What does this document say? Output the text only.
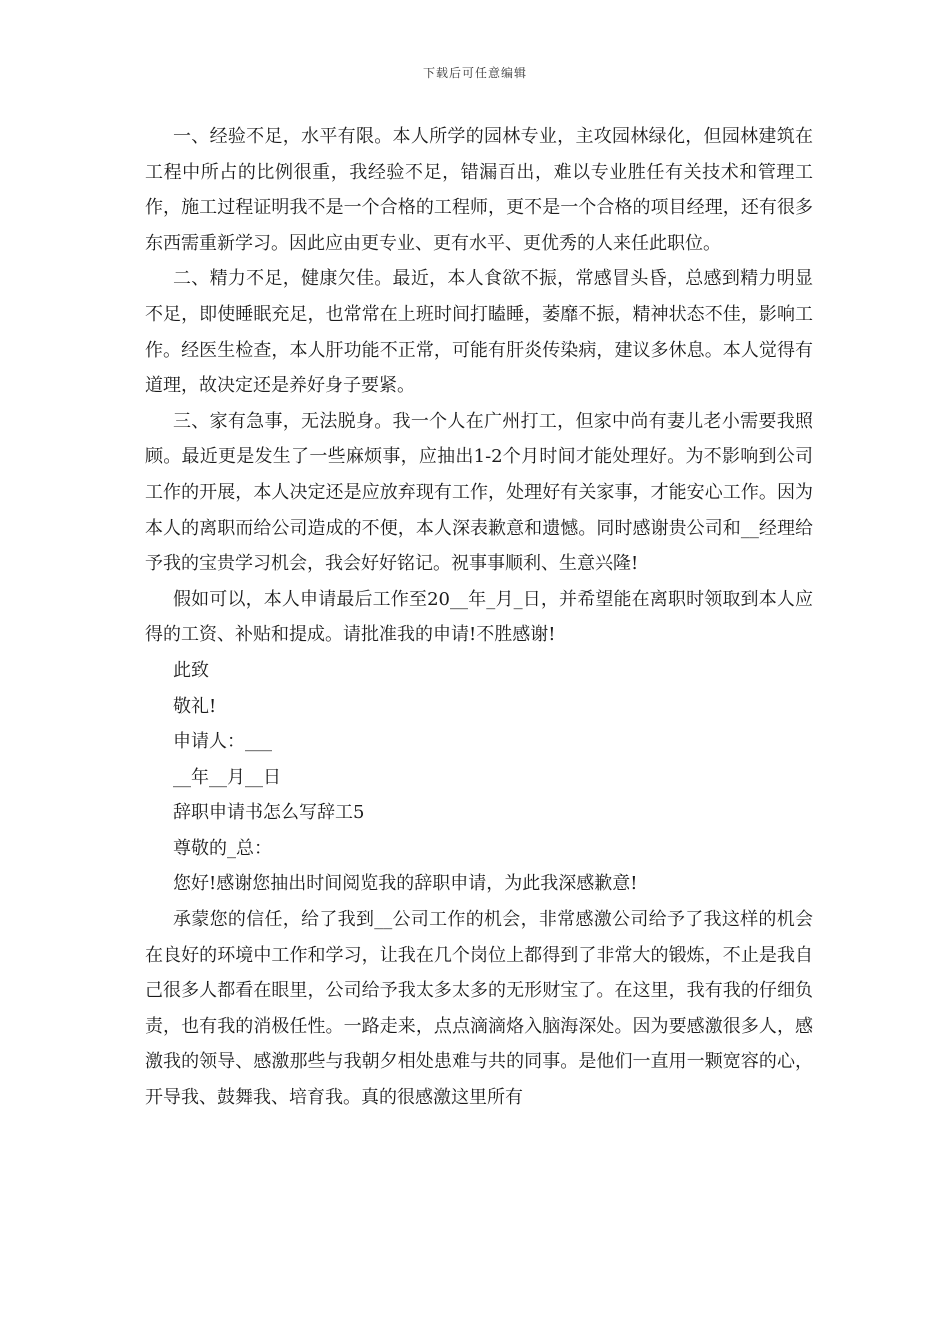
下载后可任意编辑

一、经验不足，水平有限。本人所学的园林专业，主攻园林绿化，但园林建筑在工程中所占的比例很重，我经验不足，错漏百出，难以专业胜任有关技术和管理工作，施工过程证明我不是一个合格的工程师，更不是一个合格的项目经理，还有很多东西需重新学习。因此应由更专业、更有水平、更优秀的人来任此职位。

二、精力不足，健康欠佳。最近，本人食欲不振，常感冒头昏，总感到精力明显不足，即使睡眠充足，也常常在上班时间打瞌睡，萎靡不振，精神状态不佳，影响工作。经医生检查，本人肝功能不正常，可能有肝炎传染病，建议多休息。本人觉得有道理，故决定还是养好身子要紧。

三、家有急事，无法脱身。我一个人在广州打工，但家中尚有妻儿老小需要我照顾。最近更是发生了一些麻烦事，应抽出1-2个月时间才能处理好。为不影响到公司工作的开展，本人决定还是应放弃现有工作，处理好有关家事，才能安心工作。因为本人的离职而给公司造成的不便，本人深表歉意和遗憾。同时感谢贵公司和__经理给予我的宝贵学习机会，我会好好铭记。祝事事顺利、生意兴隆!

假如可以，本人申请最后工作至20__年_月_日，并希望能在离职时领取到本人应得的工资、补贴和提成。请批准我的申请!不胜感谢!

此致

敬礼!

申请人：___

__年__月__日

辞职申请书怎么写辞工5

尊敬的_总：

您好!感谢您抽出时间阅览我的辞职申请，为此我深感歉意!

承蒙您的信任，给了我到__公司工作的机会，非常感激公司给予了我这样的机会在良好的环境中工作和学习，让我在几个岗位上都得到了非常大的锻炼，不止是我自己很多人都看在眼里，公司给予我太多太多的无形财宝了。在这里，我有我的仔细负责，也有我的消极任性。一路走来，点点滴滴烙入脑海深处。因为要感激很多人，感激我的领导、感激那些与我朝夕相处患难与共的同事。是他们一直用一颗宽容的心，开导我、鼓舞我、培育我。真的很感激这里所有
